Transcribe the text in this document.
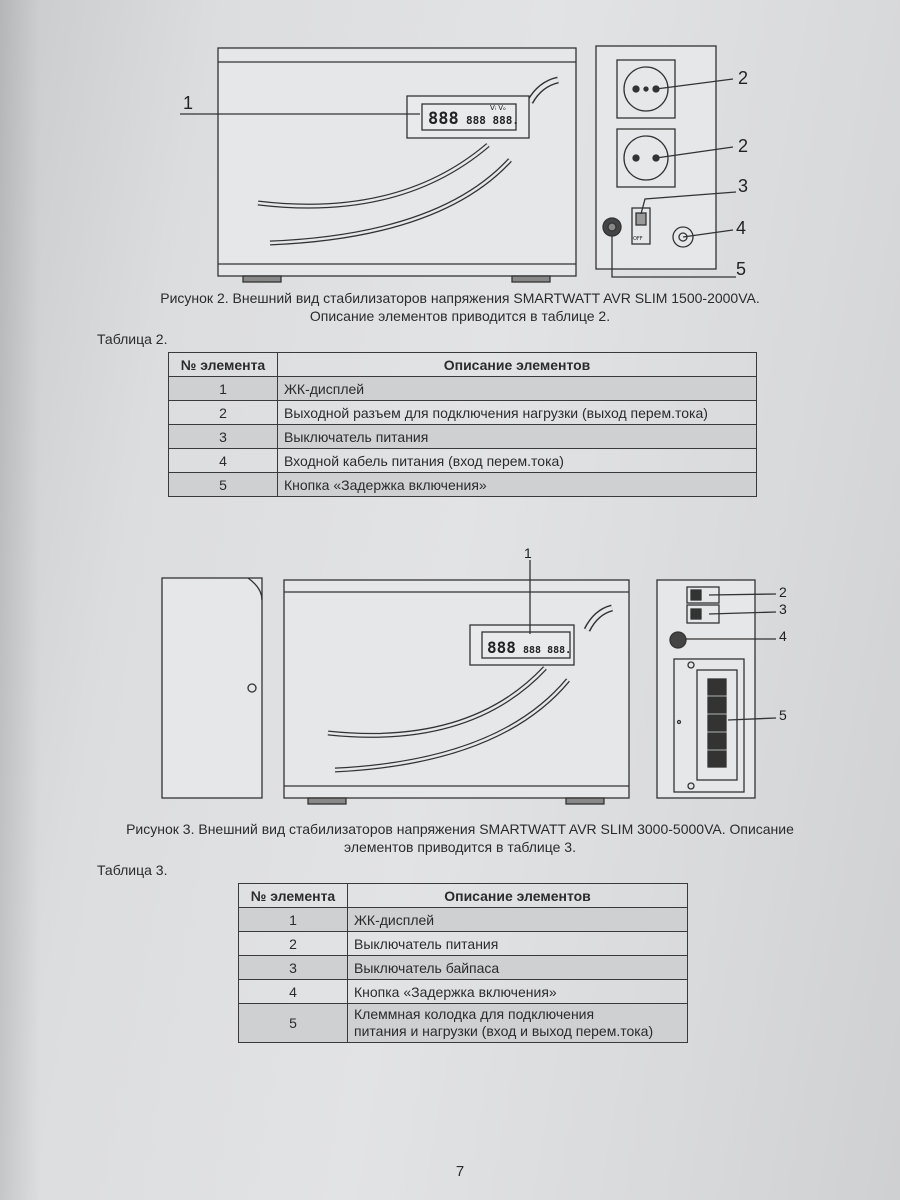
1
2
2
3
4
5
888 888 888.
Vᵢ Vₒ
OFF
Рисунок 2. Внешний вид стабилизаторов напряжения SMARTWATT AVR SLIM 1500-2000VA.
Описание элементов приводится в таблице 2.
Таблица 2.
№ элемента	Описание элементов
1	ЖК-дисплей
2	Выходной разъем для подключения нагрузки (выход перем.тока)
3	Выключатель питания
4	Входной кабель питания (вход перем.тока)
5	Кнопка «Задержка включения»
1
2
3
4
5
888 888 888.
Рисунок 3. Внешний вид стабилизаторов напряжения SMARTWATT AVR SLIM 3000-5000VA. Описание
элементов приводится в таблице 3.
Таблица 3.
№ элемента	Описание элементов
1	ЖК-дисплей
2	Выключатель питания
3	Выключатель байпаса
4	Кнопка «Задержка включения»
5	Клеммная колодка для подключения
питания и нагрузки (вход и выход перем.тока)
7
